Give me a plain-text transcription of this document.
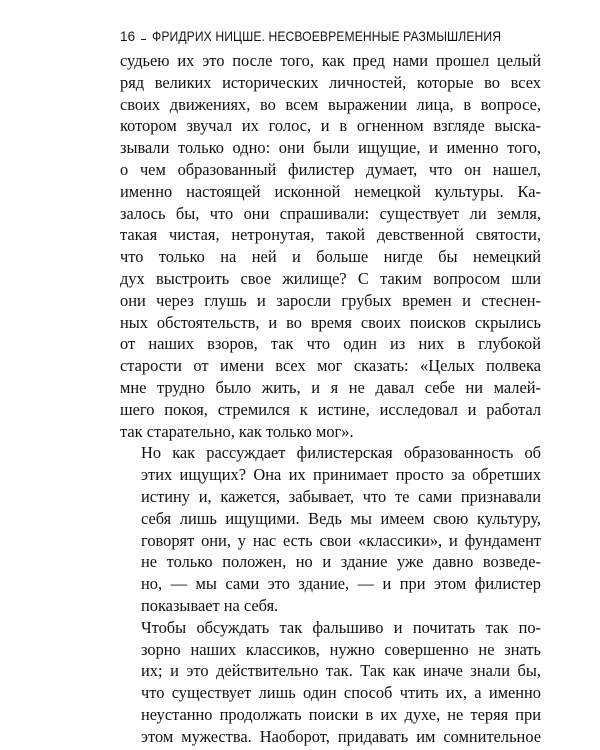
16 ФРИДРИХ НИЦШЕ. НЕСВОЕВРЕМЕННЫЕ РАЗМЫШЛЕНИЯ
судьею их это после того, как пред нами прошел целый
ряд великих исторических личностей, которые во всех
своих движениях, во всем выражении лица, в вопросе,
котором звучал их голос, и в огненном взгляде выска-
зывали только одно: они были ищущие, и именно того,
о чем образованный филистер думает, что он нашел,
именно настоящей исконной немецкой культуры. Ка-
залось бы, что они спрашивали: существует ли земля,
такая чистая, нетронутая, такой девственной святости,
что только на ней и больше нигде бы немецкий
дух выстроить свое жилище? С таким вопросом шли
они через глушь и заросли грубых времен и стеснен-
ных обстоятельств, и во время своих поисков скрылись
от наших взоров, так что один из них в глубокой
старости от имени всех мог сказать: «Целых полвека
мне трудно было жить, и я не давал себе ни малей-
шего покоя, стремился к истине, исследовал и работал
так старательно, как только мог».
Но как рассуждает филистерская образованность об
этих ищущих? Она их принимает просто за обретших
истину и, кажется, забывает, что те сами признавали
себя лишь ищущими. Ведь мы имеем свою культуру,
говорят они, у нас есть свои «классики», и фундамент
не только положен, но и здание уже давно возведе-
но, — мы сами это здание, — и при этом филистер
показывает на себя.
Чтобы обсуждать так фальшиво и почитать так по-
зорно наших классиков, нужно совершенно не знать
их; и это действительно так. Так как иначе знали бы,
что существует лишь один способ чтить их, а именно
неустанно продолжать поиски в их духе, не теряя при
этом мужества. Наоборот, придавать им сомнительное
